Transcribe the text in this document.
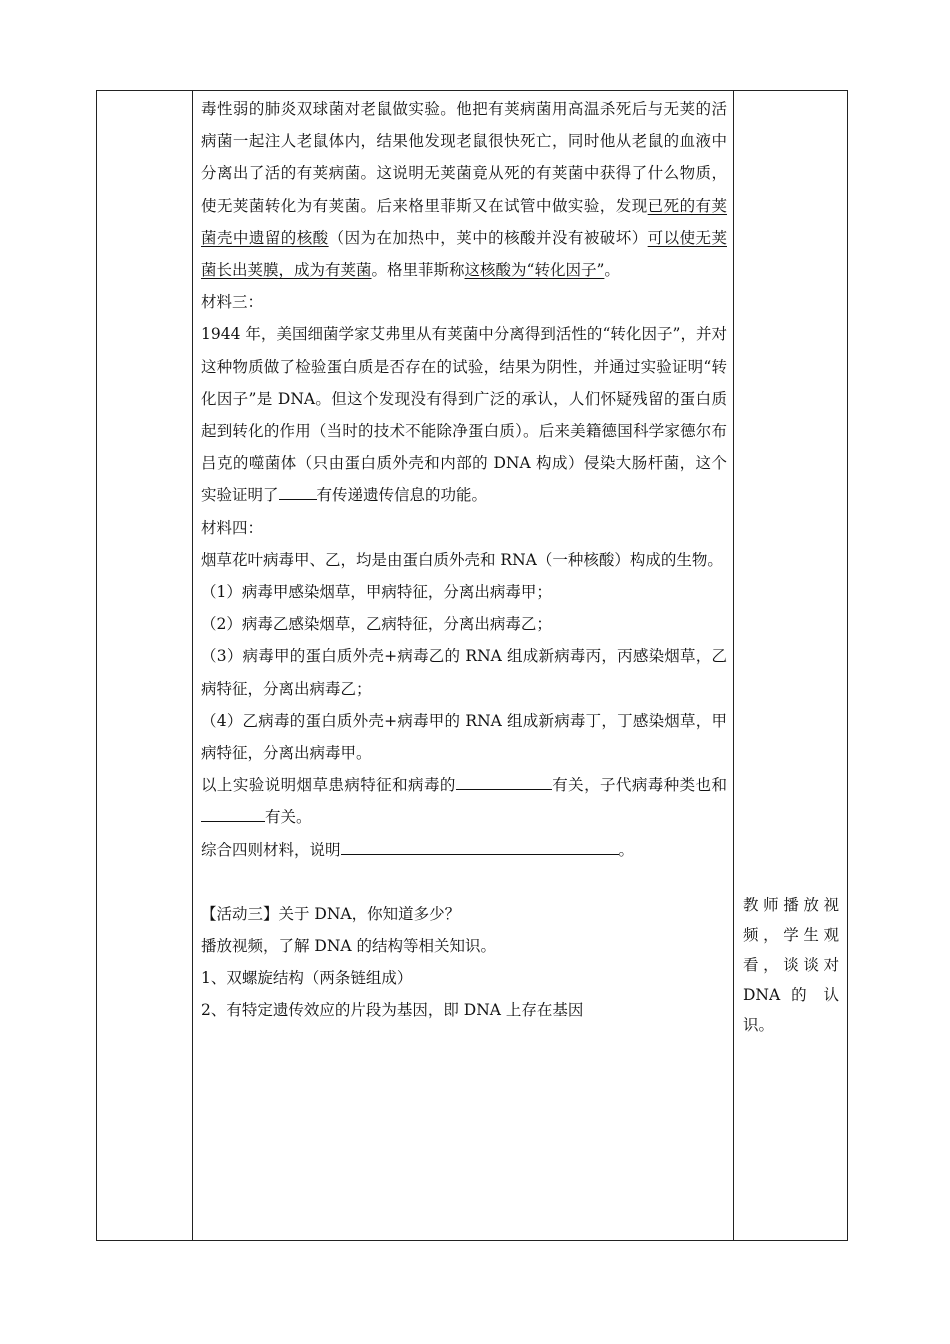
毒性弱的肺炎双球菌对老鼠做实验。他把有荚病菌用高温杀死后与无荚的活病菌一起注人老鼠体内，结果他发现老鼠很快死亡，同时他从老鼠的血液中分离出了活的有荚病菌。这说明无荚菌竟从死的有荚菌中获得了什么物质，使无荚菌转化为有荚菌。后来格里菲斯又在试管中做实验，发现已死的有荚菌壳中遗留的核酸（因为在加热中，荚中的核酸并没有被破坏）可以使无荚菌长出荚膜，成为有荚菌。格里菲斯称这核酸为“转化因子”。

材料三：

1944 年，美国细菌学家艾弗里从有荚菌中分离得到活性的“转化因子”，并对这种物质做了检验蛋白质是否存在的试验，结果为阴性，并通过实验证明“转化因子”是 DNA。但这个发现没有得到广泛的承认，人们怀疑残留的蛋白质起到转化的作用（当时的技术不能除净蛋白质）。后来美籍德国科学家德尔布吕克的噬菌体（只由蛋白质外壳和内部的 DNA 构成）侵染大肠杆菌，这个实验证明了 有传递遗传信息的功能。

材料四：

烟草花叶病毒甲、乙，均是由蛋白质外壳和 RNA（一种核酸）构成的生物。

（1）病毒甲感染烟草，甲病特征，分离出病毒甲；

（2）病毒乙感染烟草，乙病特征，分离出病毒乙；

（3）病毒甲的蛋白质外壳+病毒乙的 RNA 组成新病毒丙，丙感染烟草，乙病特征，分离出病毒乙；

（4）乙病毒的蛋白质外壳+病毒甲的 RNA 组成新病毒丁，丁感染烟草，甲病特征，分离出病毒甲。

以上实验说明烟草患病特征和病毒的	有关，子代病毒种类也和有关。

综合四则材料，说明	。

【活动三】关于 DNA，你知道多少？

播放视频，了解 DNA 的结构等相关知识。

1、双螺旋结构（两条链组成）

2、有特定遗传效应的片段为基因，即 DNA 上存在基因

教师播放视
频，学生观
看，谈谈对
DNA 的 认
识。
